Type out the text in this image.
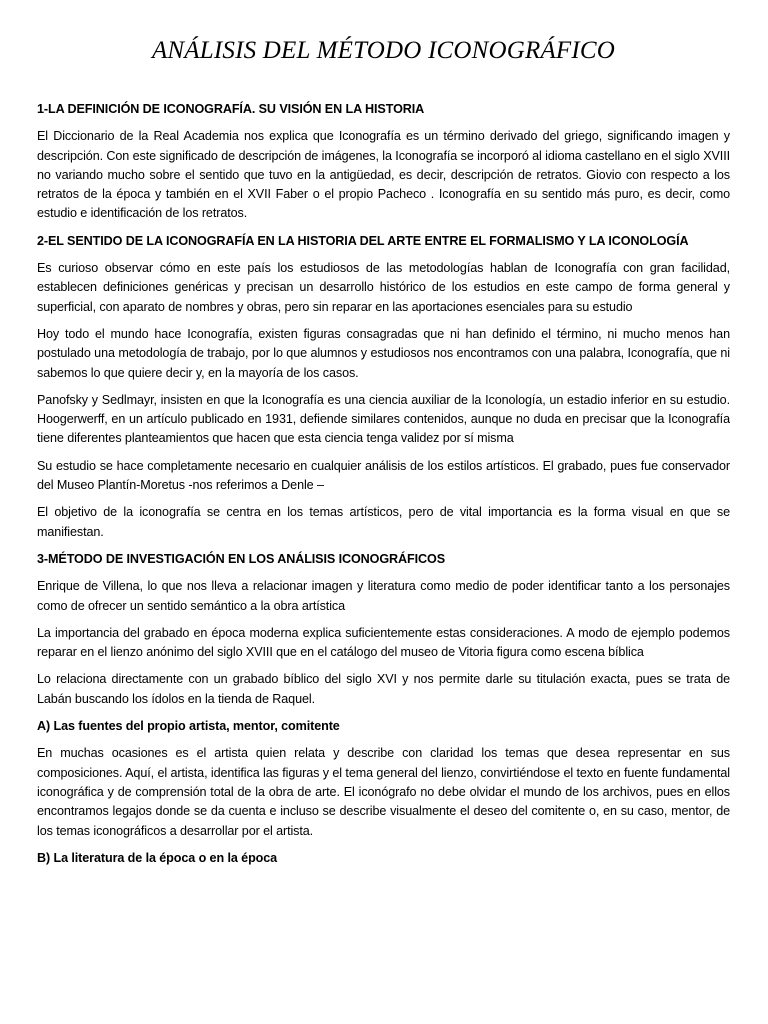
ANÁLISIS DEL MÉTODO ICONOGRÁFICO
1-LA DEFINICIÓN DE ICONOGRAFÍA. SU VISIÓN EN LA HISTORIA

El Diccionario de la Real Academia nos explica que Iconografía es un término derivado del griego, significando imagen y descripción. Con este significado de descripción de imágenes, la Iconografía se incorporó al idioma castellano en el siglo XVIII no variando mucho sobre el sentido que tuvo en la antigüedad, es decir, descripción de retratos. Giovio con respecto a los retratos de la época y también en el XVII Faber o el propio Pacheco . Iconografía en su sentido más puro, es decir, como estudio e identificación de los retratos.

2-EL SENTIDO DE LA ICONOGRAFÍA EN LA HISTORIA DEL ARTE ENTRE EL FORMALISMO Y LA ICONOLOGÍA

Es curioso observar cómo en este país los estudiosos de las metodologías hablan de Iconografía con gran facilidad, establecen definiciones genéricas y precisan un desarrollo histórico de los estudios en este campo de forma general y superficial, con aparato de nombres y obras, pero sin reparar en las aportaciones esenciales para su estudio

Hoy todo el mundo hace Iconografía, existen figuras consagradas que ni han definido el término, ni mucho menos han postulado una metodología de trabajo, por lo que alumnos y estudiosos nos encontramos con una palabra, Iconografía, que ni sabemos lo que quiere decir y, en la mayoría de los casos.

Panofsky y Sedlmayr, insisten en que la Iconografía es una ciencia auxiliar de la Iconología, un estadio inferior en su estudio. Hoogerwerff, en un artículo publicado en 1931, defiende similares contenidos, aunque no duda en precisar que la Iconografía tiene diferentes planteamientos que hacen que esta ciencia tenga validez por sí misma

Su estudio se hace completamente necesario en cualquier análisis de los estilos artísticos. El grabado, pues fue conservador del Museo Plantín-Moretus -nos referimos a Denle –

El objetivo de la iconografía se centra en los temas artísticos, pero de vital importancia es la forma visual en que se manifiestan.

3-MÉTODO DE INVESTIGACIÓN EN LOS ANÁLISIS ICONOGRÁFICOS

Enrique de Villena, lo que nos lleva a relacionar imagen y literatura como medio de poder identificar tanto a los personajes como de ofrecer un sentido semántico a la obra artística

La importancia del grabado en época moderna explica suficientemente estas consideraciones. A modo de ejemplo podemos reparar en el lienzo anónimo del siglo XVIII que en el catálogo del museo de Vitoria figura como escena bíblica

Lo relaciona directamente con un grabado bíblico del siglo XVI y nos permite darle su titulación exacta, pues se trata de Labán buscando los ídolos en la tienda de Raquel.

A) Las fuentes del propio artista, mentor, comitente

En muchas ocasiones es el artista quien relata y describe con claridad los temas que desea representar en sus composiciones. Aquí, el artista, identifica las figuras y el tema general del lienzo, convirtiéndose el texto en fuente fundamental iconográfica y de comprensión total de la obra de arte. El iconógrafo no debe olvidar el mundo de los archivos, pues en ellos encontramos legajos donde se da cuenta e incluso se describe visualmente el deseo del comitente o, en su caso, mentor, de los temas iconográficos a desarrollar por el artista.

B) La literatura de la época o en la época
